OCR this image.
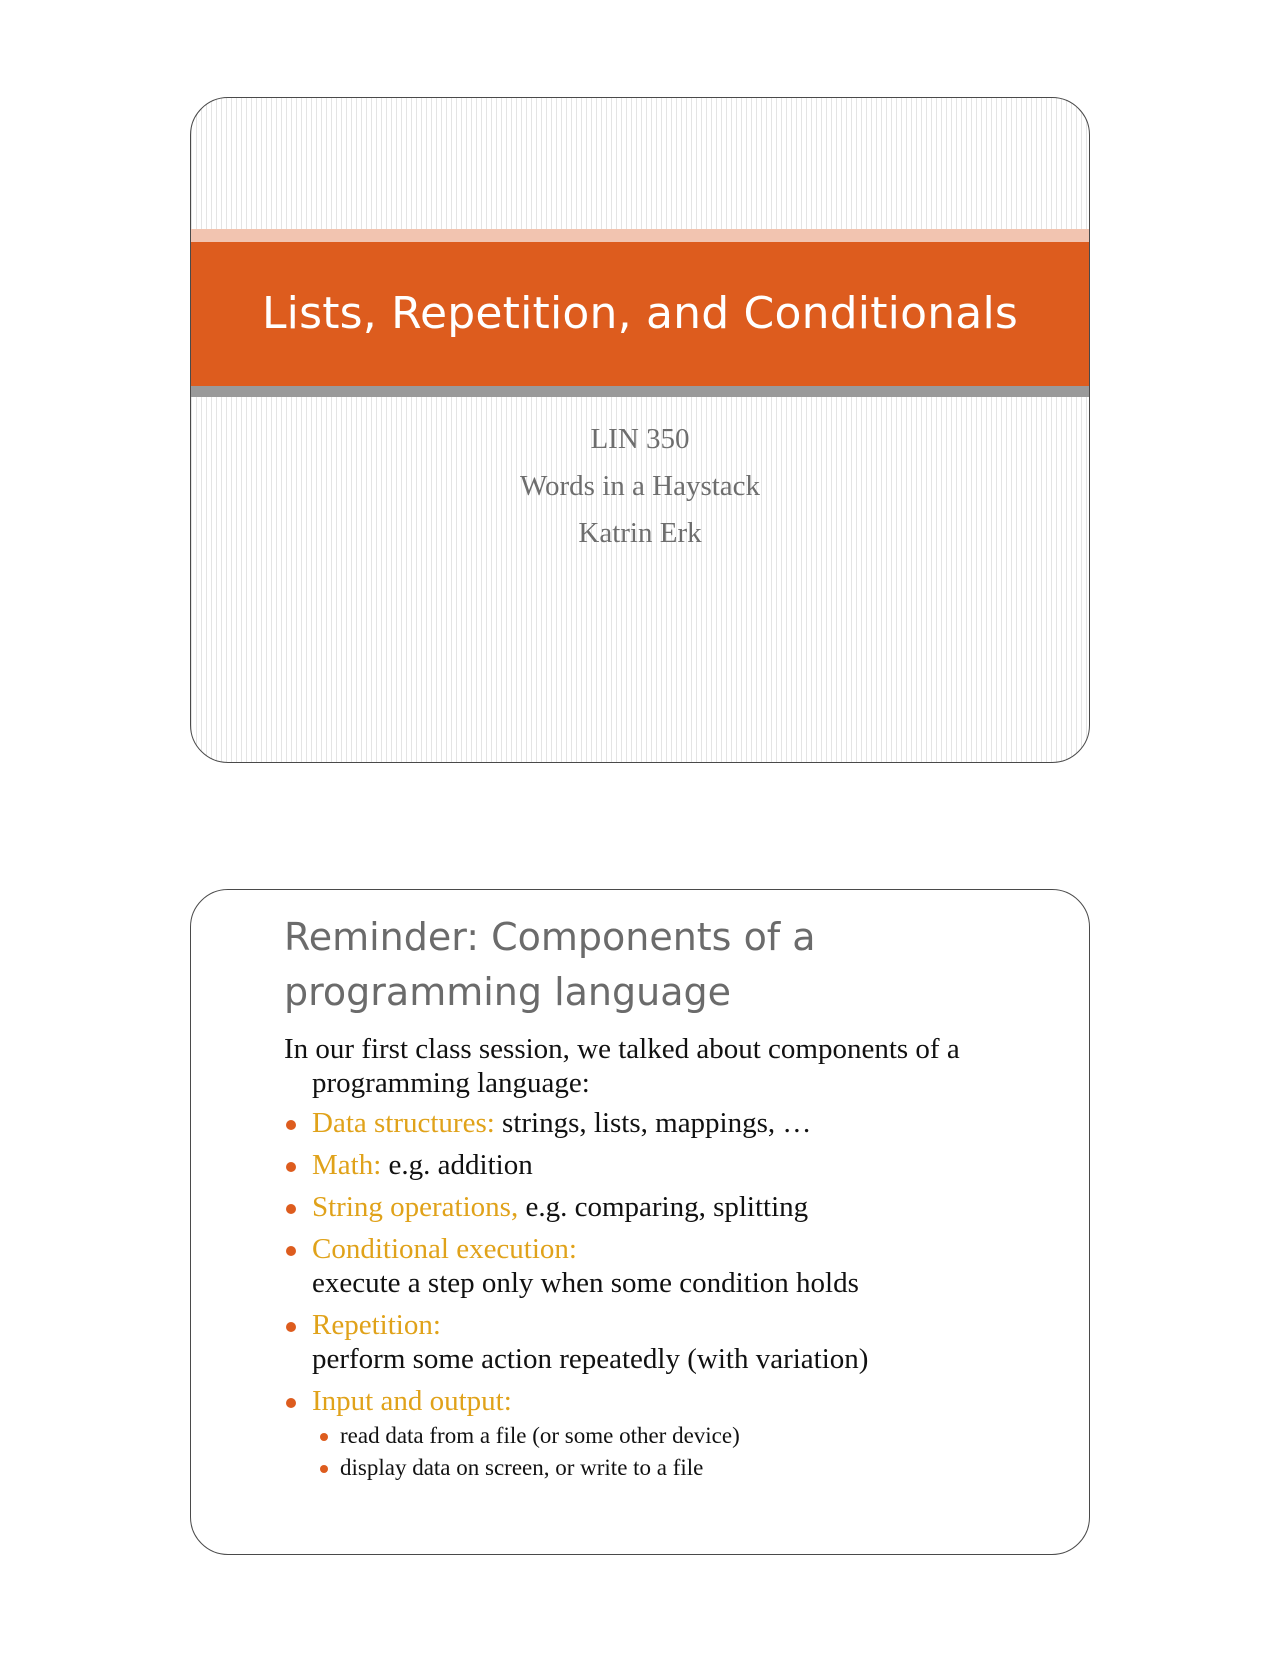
Lists, Repetition, and Conditionals
LIN 350
Words in a Haystack
Katrin Erk
Reminder: Components of a
programming language
In our first class session, we talked about components of a
programming language:
Data structures: strings, lists, mappings, …
Math: e.g. addition
String operations, e.g. comparing, splitting
Conditional execution:
execute a step only when some condition holds
Repetition:
perform some action repeatedly (with variation)
Input and output:
read data from a file (or some other device)
display data on screen, or write to a file
